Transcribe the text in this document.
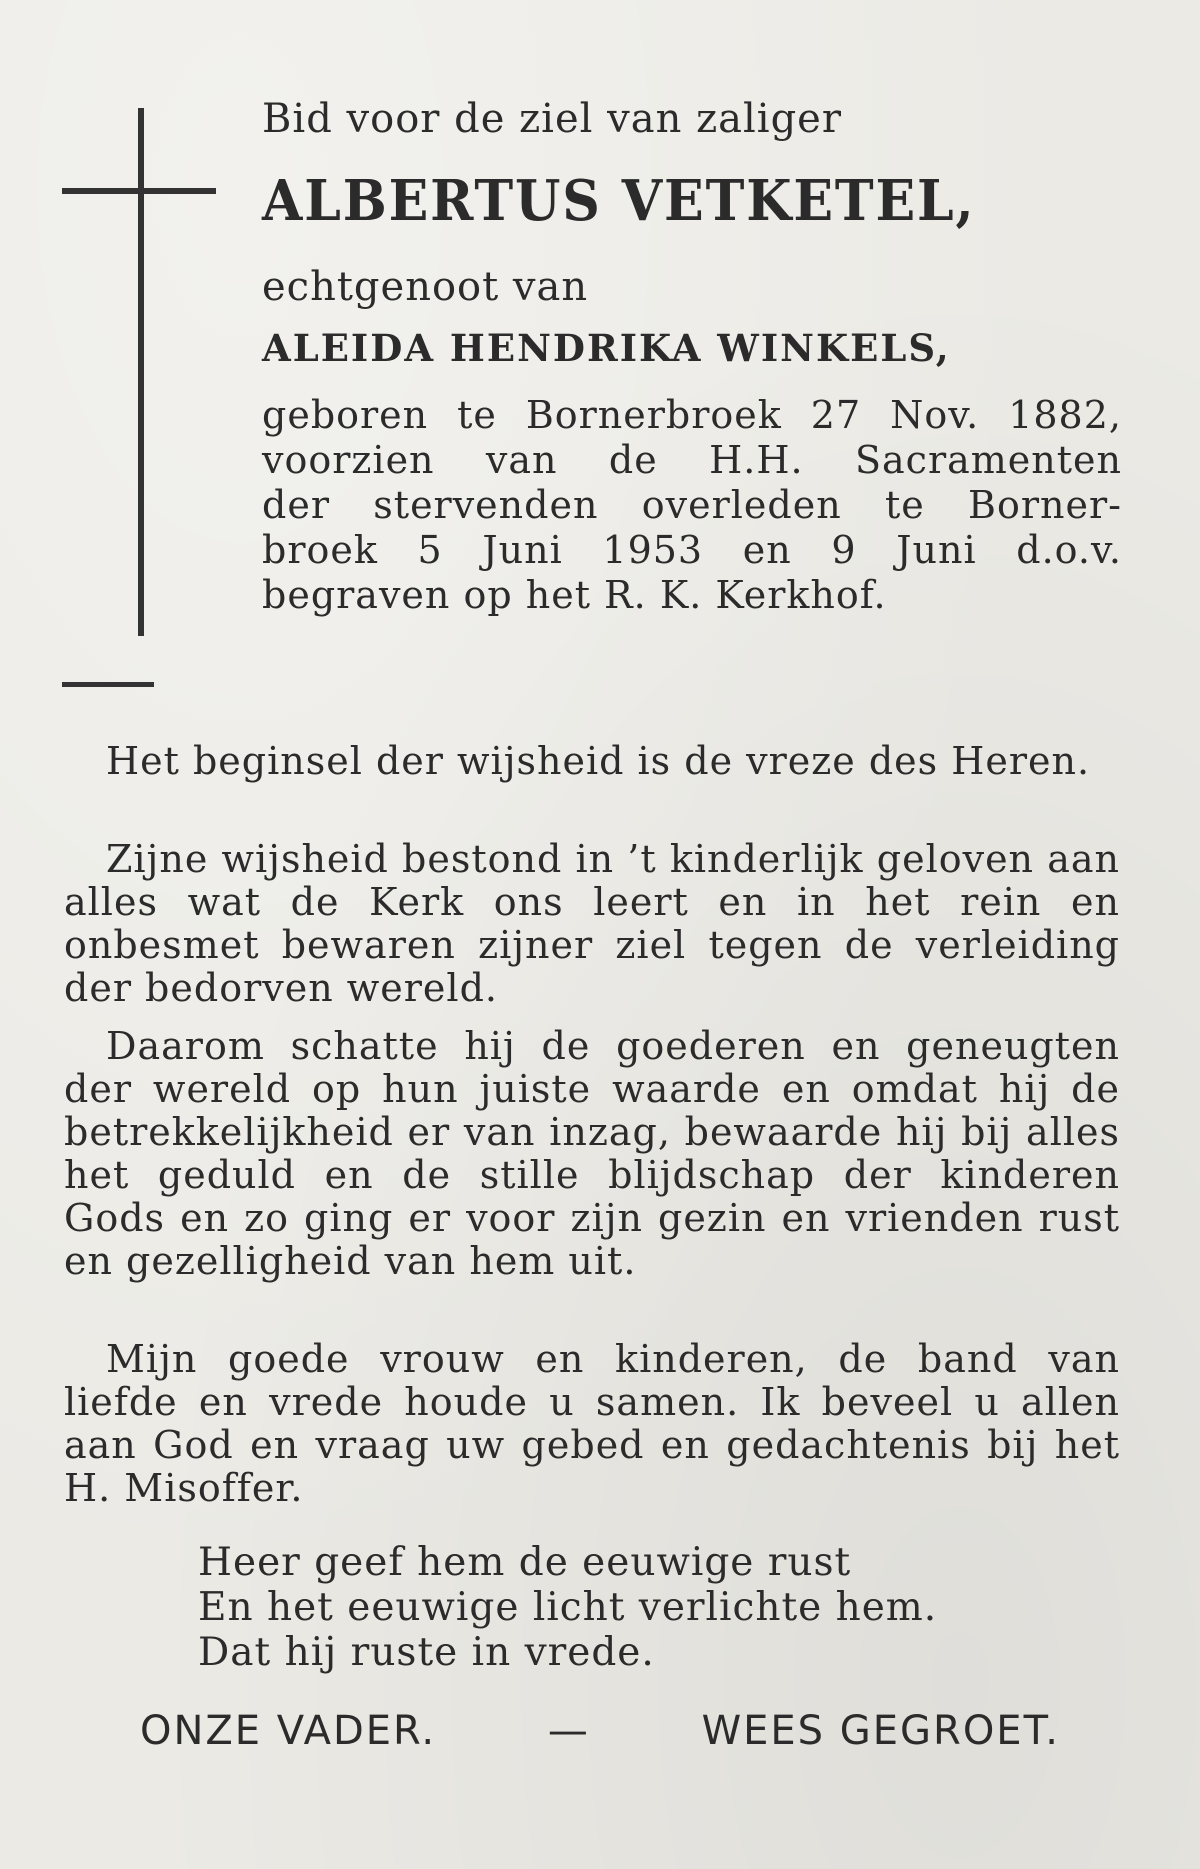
Bid voor de ziel van zaliger

ALBERTUS VETKETEL,

echtgenoot van

ALEIDA HENDRIKA WINKELS,

geboren te Bornerbroek 27 Nov. 1882,
voorzien van de H.H. Sacramenten
der stervenden overleden te Borner-
broek 5 Juni 1953 en 9 Juni d.o.v.
begraven op het R. K. Kerkhof.

Het beginsel der wijsheid is de vreze des Heren.

Zijne wijsheid bestond in ’t kinderlijk geloven aan alles wat de Kerk ons leert en in het rein en onbesmet bewaren zijner ziel tegen de verleiding der bedorven wereld.

Daarom schatte hij de goederen en geneugten der wereld op hun juiste waarde en omdat hij de betrekkelijkheid er van inzag, bewaarde hij bij alles het geduld en de stille blijdschap der kinderen Gods en zo ging er voor zijn gezin en vrienden rust en gezelligheid van hem uit.

Mijn goede vrouw en kinderen, de band van liefde en vrede houde u samen. Ik beveel u allen aan God en vraag uw gebed en gedachtenis bij het H. Misoffer.

Heer geef hem de eeuwige rust
En het eeuwige licht verlichte hem.
Dat hij ruste in vrede.

ONZE VADER.	—	WEES GEGROET.
